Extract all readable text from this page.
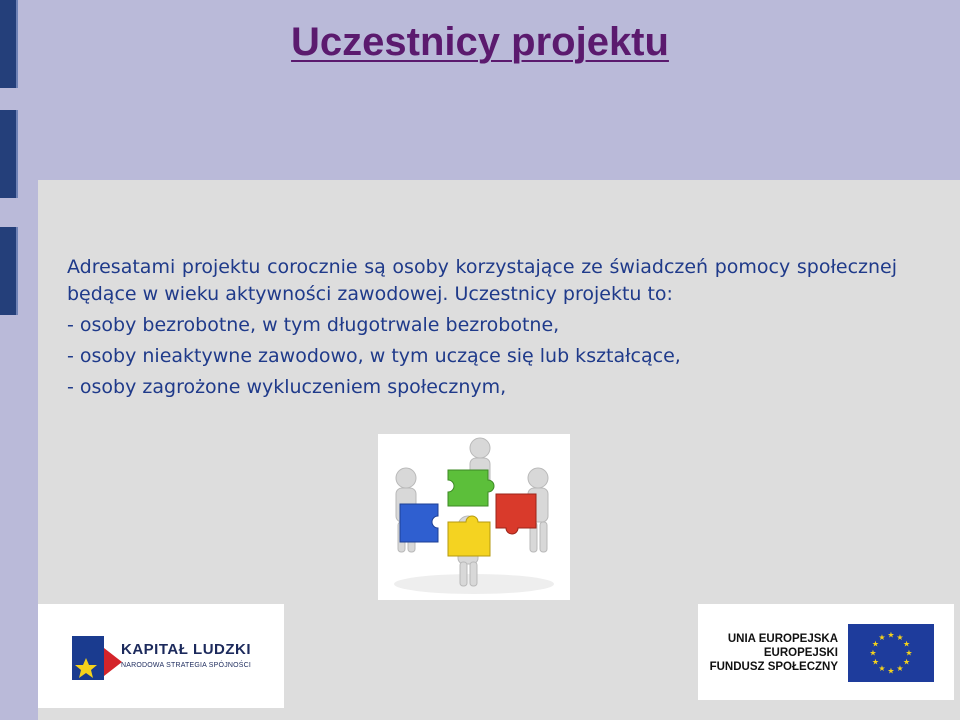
Uczestnicy projektu

Adresatami projektu corocznie są osoby korzystające ze świadczeń pomocy społecznej będące w wieku aktywności zawodowej. Uczestnicy projektu to:

- osoby bezrobotne, w tym długotrwale bezrobotne,
- osoby nieaktywne zawodowo, w tym uczące się lub kształcące,
- osoby zagrożone wykluczeniem społecznym,
KAPITAŁ LUDZKI
NARODOWA STRATEGIA SPÓJNOŚCI
UNIA EUROPEJSKA
EUROPEJSKI
FUNDUSZ SPOŁECZNY
★ ★
★
★
★
★
★
★
★
★
★
★
